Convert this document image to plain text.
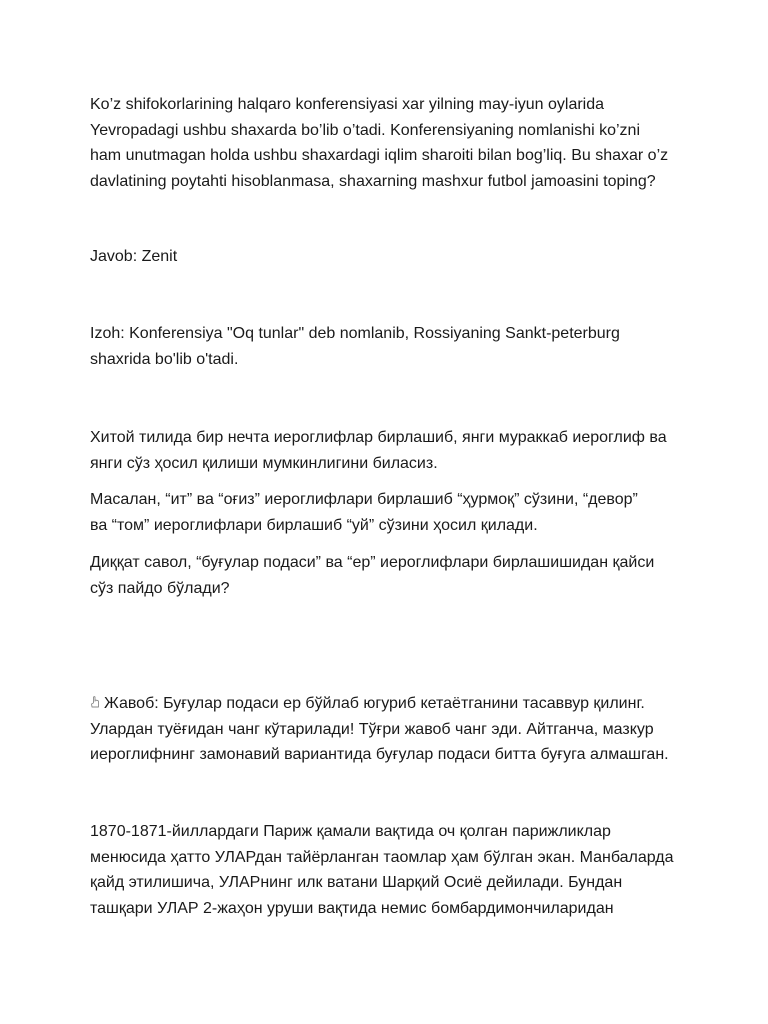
Ko’z shifokorlarining halqaro konferensiyasi xar yilning may-iyun oylarida
Yevropadagi ushbu shaxarda bo’lib o’tadi. Konferensiyaning nomlanishi ko’zni
ham unutmagan holda ushbu shaxardagi iqlim sharoiti bilan bog’liq. Bu shaxar o’z
davlatining poytahti hisoblanmasa, shaxarning mashxur futbol jamoasini toping?

Javob: Zenit

Izoh: Konferensiya "Oq tunlar" deb nomlanib, Rossiyaning Sankt-peterburg
shaxrida bo'lib o'tadi.

Хитой тилида бир нечта иероглифлар бирлашиб, янги мураккаб иероглиф ва
янги сўз ҳосил қилиши мумкинлигини биласиз.

Масалан, “ит” ва “оғиз” иероглифлари бирлашиб “ҳурмоқ” сўзини, “девор”
ва “том” иероглифлари бирлашиб “уй” сўзини ҳосил қилади.

Диққат савол, “буғулар подаси” ва “ер” иероглифлари бирлашишидан қайси
сўз пайдо бўлади?

Жавоб: Буғулар подаси ер бўйлаб югуриб кетаётганини тасаввур қилинг.
Улардан туёғидан чанг кўтарилади! Тўғри жавоб чанг эди. Айтганча, мазкур
иероглифнинг замонавий вариантида буғулар подаси битта буғуга алмашган.

1870-1871-йиллардаги Париж қамали вақтида оч қолган парижликлар
менюсида ҳатто УЛАРдан тайёрланган таомлар ҳам бўлган экан. Манбаларда
қайд этилишича, УЛАРнинг илк ватани Шарқий Осиё дейилади. Бундан
ташқари УЛАР 2-жаҳон уруши вақтида немис бомбардимончиларидан
